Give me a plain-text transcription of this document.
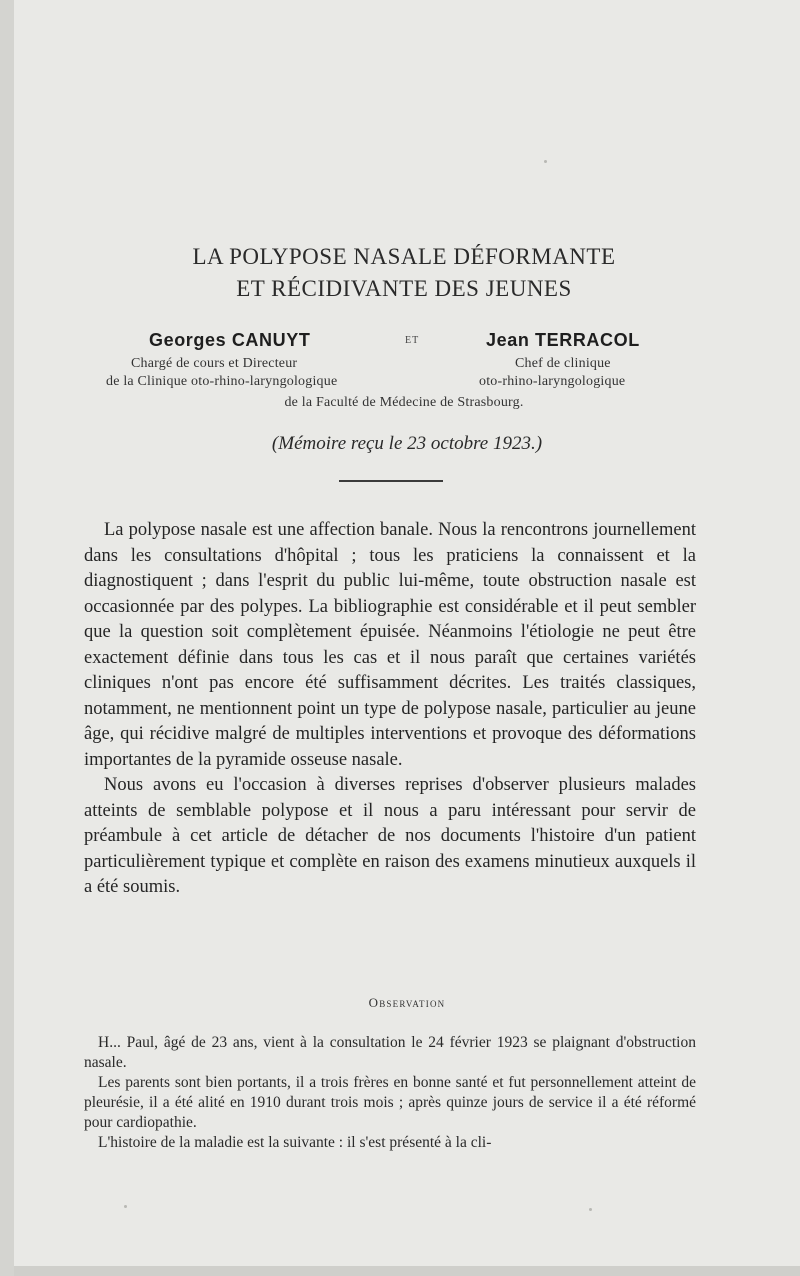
LA POLYPOSE NASALE DÉFORMANTE
ET RÉCIDIVANTE DES JEUNES
Georges CANUYT	ET	Jean TERRACOL
Chargé de cours et Directeur
de la Clinique oto-rhino-laryngologique
Chef de clinique
oto-rhino-laryngologique
de la Faculté de Médecine de Strasbourg.
(Mémoire reçu le 23 octobre 1923.)

La polypose nasale est une affection banale. Nous la rencontrons journellement dans les consultations d'hôpital ; tous les praticiens la connaissent et la diagnostiquent ; dans l'esprit du public lui-même, toute obstruction nasale est occasionnée par des polypes. La bibliographie est considérable et il peut sembler que la question soit complètement épuisée. Néanmoins l'étiologie ne peut être exactement définie dans tous les cas et il nous paraît que certaines variétés cliniques n'ont pas encore été suffisamment décrites. Les traités classiques, notamment, ne mentionnent point un type de polypose nasale, particulier au jeune âge, qui récidive malgré de multiples interventions et provoque des déformations importantes de la pyramide osseuse nasale.

Nous avons eu l'occasion à diverses reprises d'observer plusieurs malades atteints de semblable polypose et il nous a paru intéressant pour servir de préambule à cet article de détacher de nos documents l'histoire d'un patient particulièrement typique et complète en raison des examens minutieux auxquels il a été soumis.

Observation

H... Paul, âgé de 23 ans, vient à la consultation le 24 février 1923 se plaignant d'obstruction nasale.

Les parents sont bien portants, il a trois frères en bonne santé et fut personnellement atteint de pleurésie, il a été alité en 1910 durant trois mois ; après quinze jours de service il a été réformé pour cardiopathie.

L'histoire de la maladie est la suivante : il s'est présenté à la cli-
